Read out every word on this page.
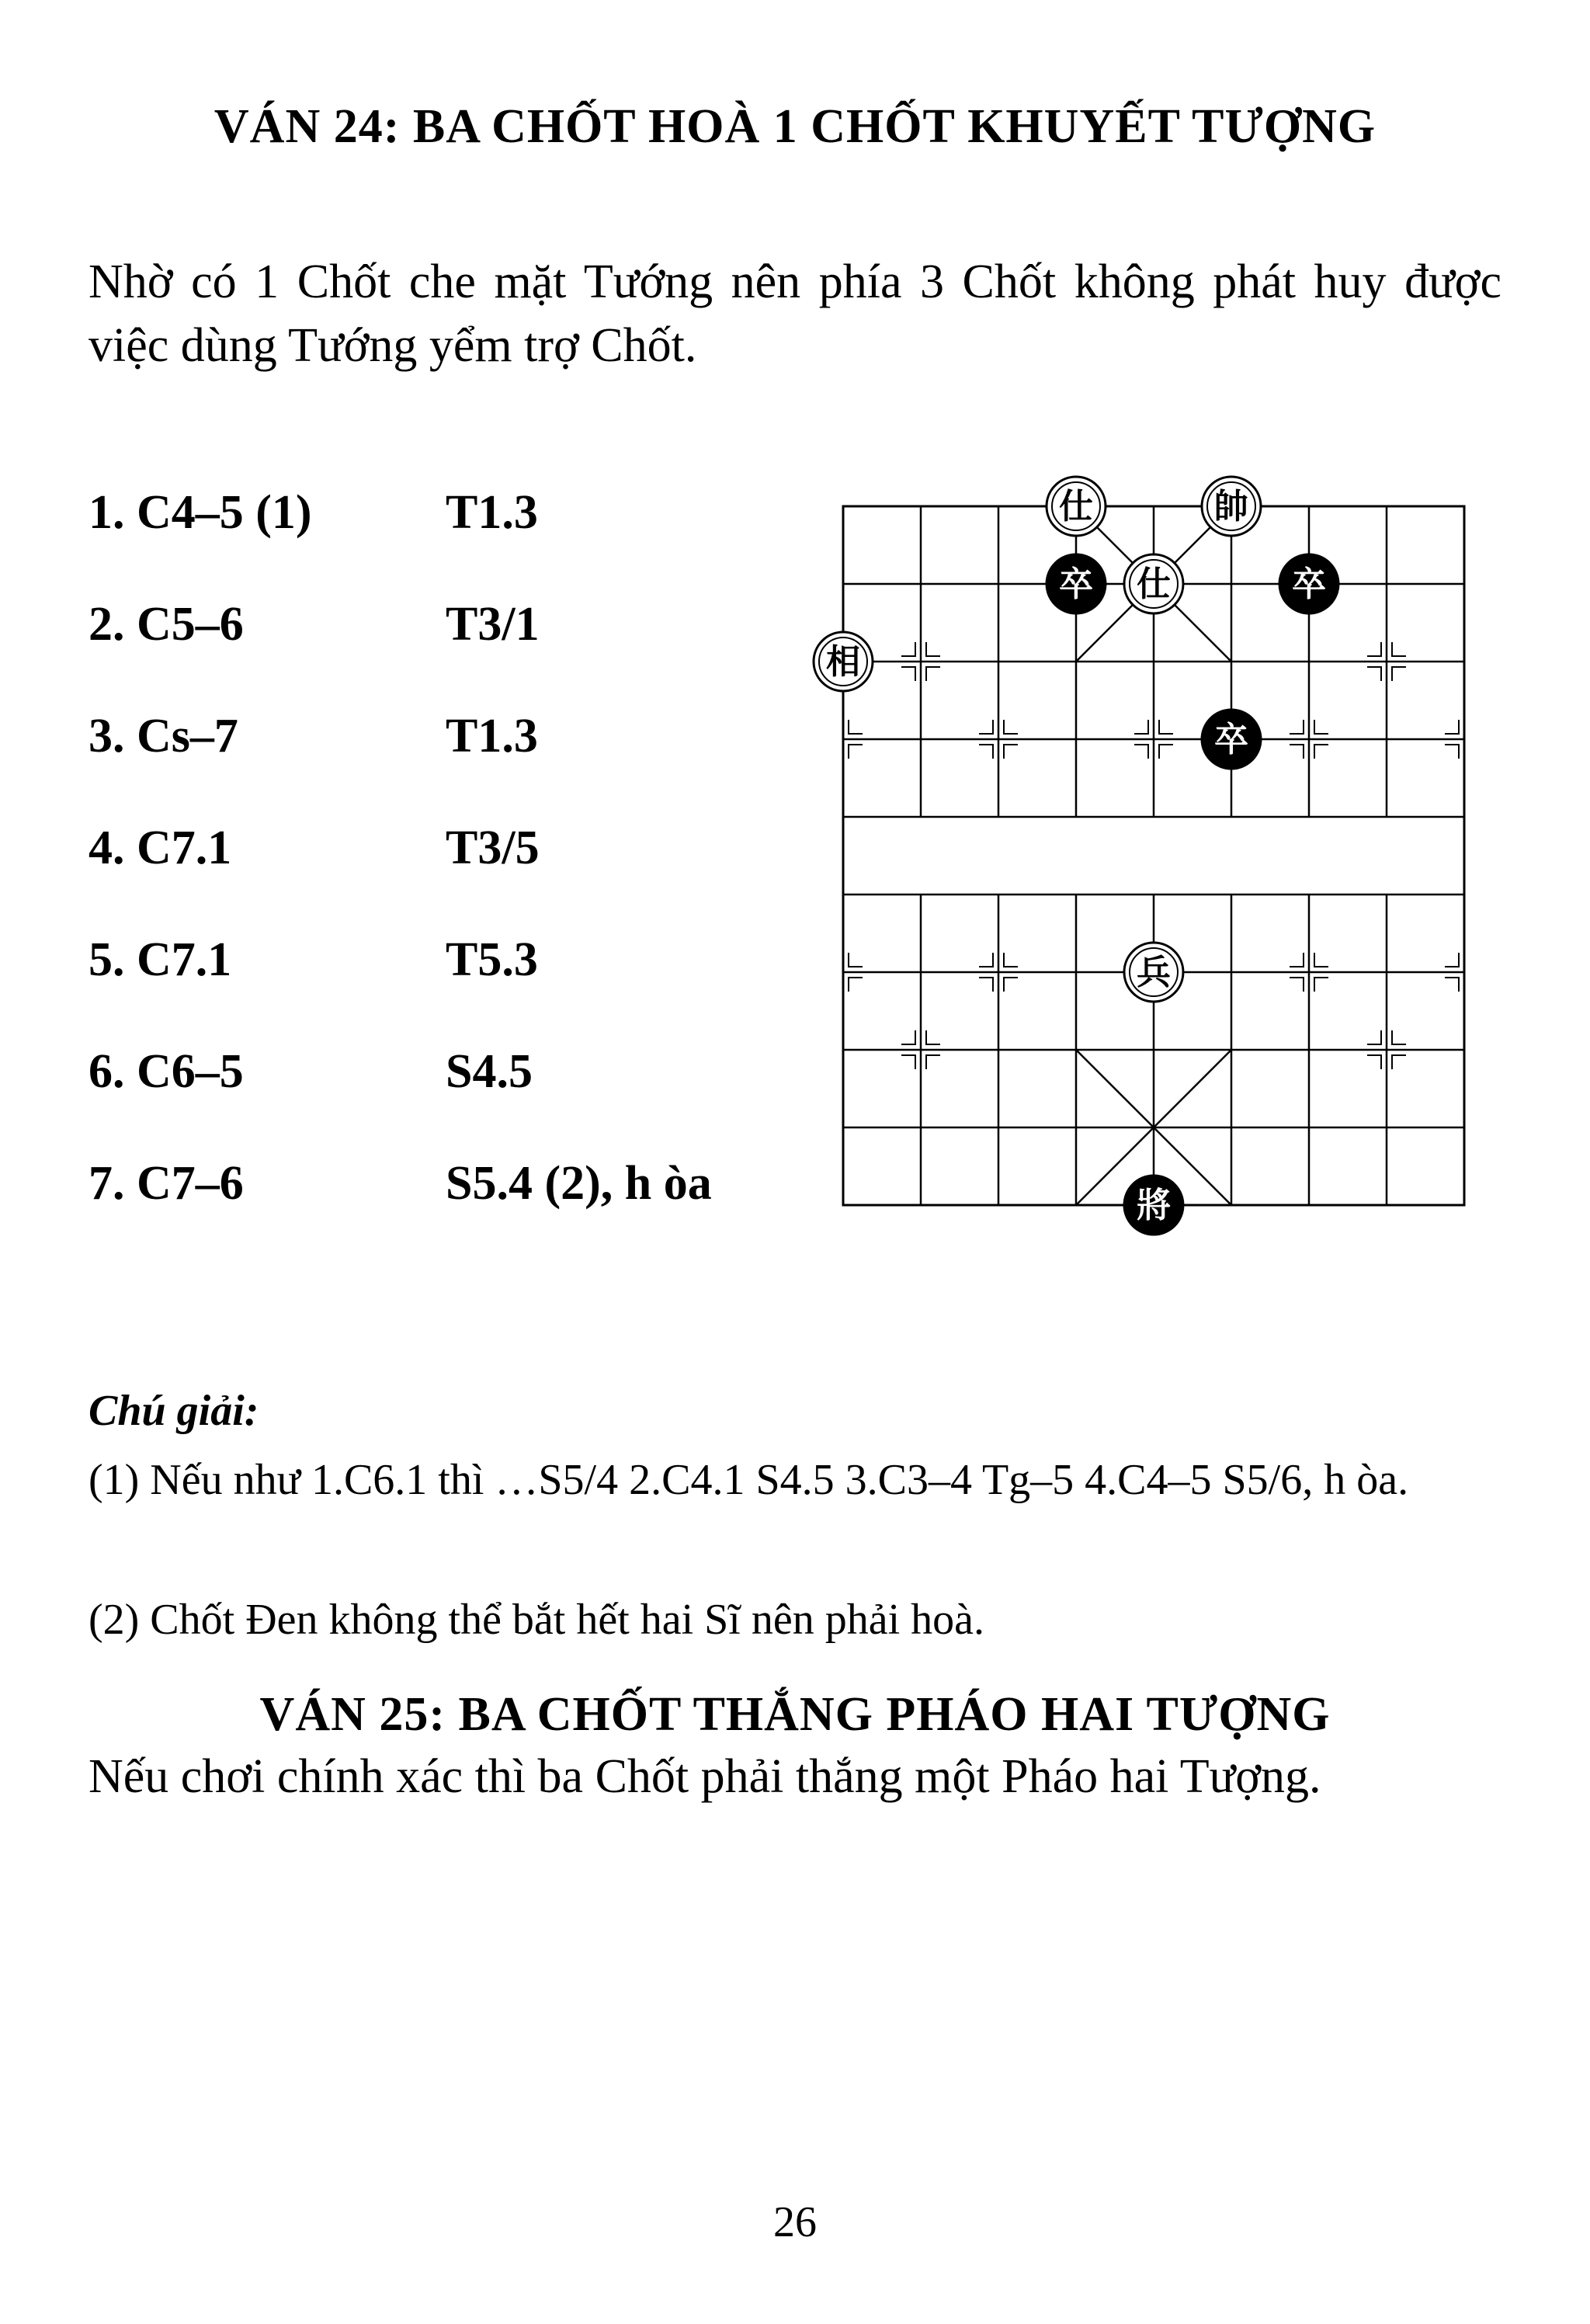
VÁN 24: BA CHỐT HOÀ 1 CHỐT KHUYẾT TƯỢNG
Nhờ có 1 Chốt che mặt Tướng nên phía 3 Chốt không phát huy được việc dùng Tướng yểm trợ Chốt.
1. C4–5 (1)	T1.3
2. C5–6	T3/1
3. Cs–7	T1.3
4. C7.1	T3/5
5. C7.1	T5.3
6. C6–5	S4.5
7. C7–6	S5.4 (2), h òa
仕	帥
卒 仕	卒
相
卒
兵
將
Chú giải:
(1) Nếu như 1.C6.1 thì …S5/4 2.C4.1 S4.5 3.C3–4 Tg–5 4.C4–5 S5/6, h òa.
(2) Chốt Đen không thể bắt hết hai Sĩ nên phải hoà.
VÁN 25: BA CHỐT THẮNG PHÁO HAI TƯỢNG
Nếu chơi chính xác thì ba Chốt phải thắng một Pháo hai Tượng.
26
